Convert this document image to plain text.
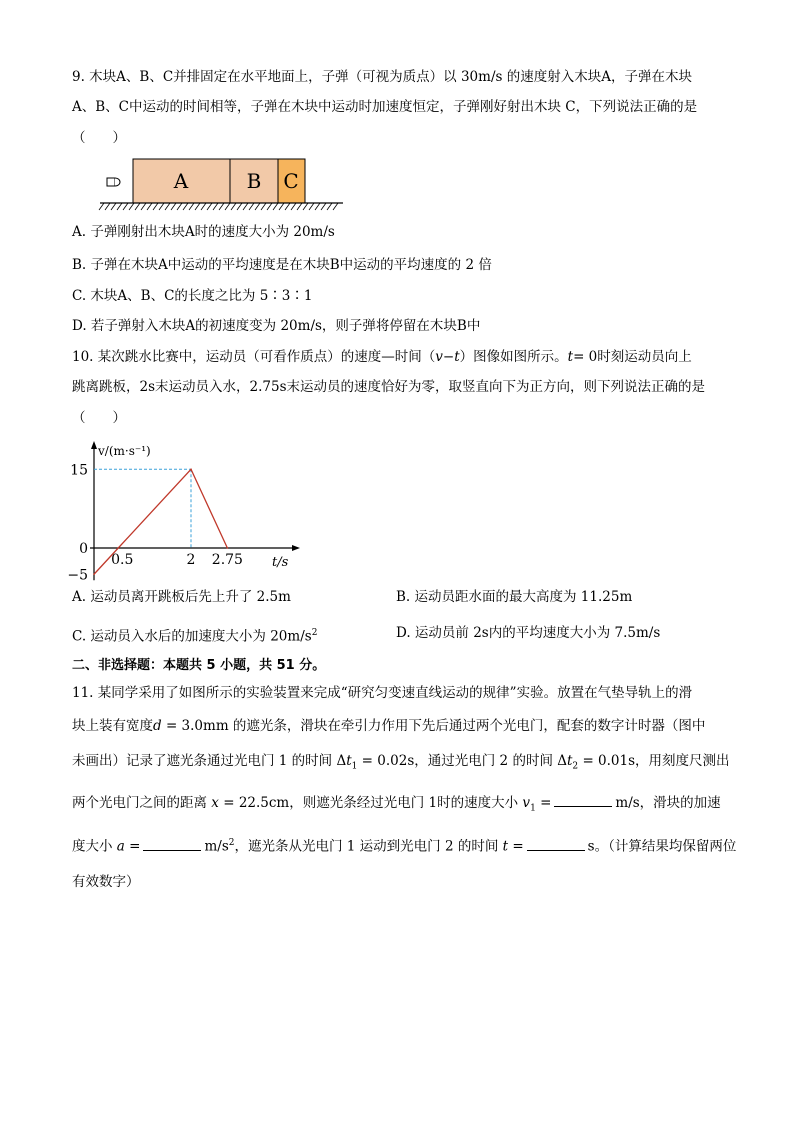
9. 木块A、B、C并排固定在水平地面上，子弹（可视为质点）以 30m/s 的速度射入木块A，子弹在木块
A、B、C中运动的时间相等，子弹在木块中运动时加速度恒定，子弹刚好射出木块 C，下列说法正确的是
（　　）
A	B C
A. 子弹刚射出木块A时的速度大小为 20m/s
B. 子弹在木块A中运动的平均速度是在木块B中运动的平均速度的 2 倍
C. 木块A、B、C的长度之比为 5∶3∶1
D. 若子弹射入木块A的初速度变为 20m/s，则子弹将停留在木块B中
10. 某次跳水比赛中，运动员（可看作质点）的速度—时间（v−t）图像如图所示。t= 0时刻运动员向上
跳离跳板，2s末运动员入水，2.75s末运动员的速度恰好为零，取竖直向下为正方向，则下列说法正确的是
（　　）
15
0
−5
0.5	2 2.75
v/(m·s⁻¹)
t/s
A. 运动员离开跳板后先上升了 2.5m	B. 运动员距水面的最大高度为 11.25m
C. 运动员入水后的加速度大小为 $20m/s^2$	D. 运动员前 2s内的平均速度大小为 7.5m/s
二、非选择题：本题共 5 小题，共 51 分。
11. 某同学采用了如图所示的实验装置来完成“研究匀变速直线运动的规律”实验。放置在气垫导轨上的滑
块上装有宽度d = 3.0mm 的遮光条，滑块在牵引力作用下先后通过两个光电门，配套的数字计时器（图中
未画出）记录了遮光条通过光电门 1 的时间 $\Delta t_1 = 0.02s$，通过光电门 2 的时间 $\Delta t_2 = 0.01s$，用刻度尺测出
两个光电门之间的距离 x = 22.5cm，则遮光条经过光电门 1时的速度大小 $v_1$ =	m/s，滑块的加速
度大小 a =	$m/s^2$，遮光条从光电门 1 运动到光电门 2 的时间 t =	s。（计算结果均保留两位
有效数字）
